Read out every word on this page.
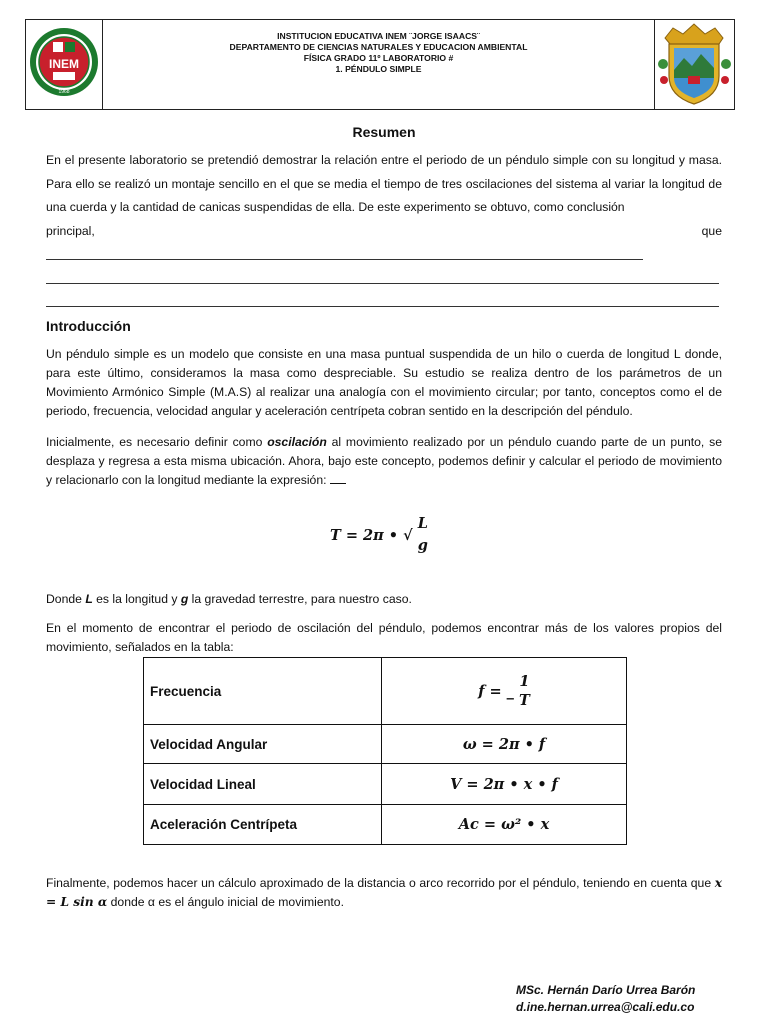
INEM
1968
INSTITUCION EDUCATIVA INEM ¨JORGE ISAACS¨
DEPARTAMENTO DE CIENCIAS NATURALES Y EDUCACION AMBIENTAL
FÍSICA GRADO 11º LABORATORIO #
1. PÉNDULO SIMPLE
Resumen
En el presente laboratorio se pretendió demostrar la relación entre el periodo de un péndulo simple con su longitud y masa. Para ello se realizó un montaje sencillo en el que se media el tiempo de tres oscilaciones del sistema al variar la longitud de una cuerda y la cantidad de canicas suspendidas de ella. De este experimento se obtuvo, como conclusión
principal,	que
Introducción
Un péndulo simple es un modelo que consiste en una masa puntual suspendida de un hilo o cuerda de longitud L donde, para este último, consideramos la masa como despreciable. Su estudio se realiza dentro de los parámetros de un Movimiento Armónico Simple (M.A.S) al realizar una analogía con el movimiento circular; por tanto, conceptos como el de periodo, frecuencia, velocidad angular y aceleración centrípeta cobran sentido en la descripción del péndulo.
Inicialmente, es necesario definir como oscilación al movimiento realizado por un péndulo cuando parte de un punto, se desplaza y regresa a esta misma ubicación. Ahora, bajo este concepto, podemos definir y calcular el periodo de movimiento y relacionarlo con la longitud mediante la expresión:
T = 2π • √
L
g
Donde L es la longitud y g la gravedad terrestre, para nuestro caso.
En el momento de encontrar el periodo de oscilación del péndulo, podemos encontrar más de los valores propios del movimiento, señalados en la tabla:
Frecuencia	f = _
1
T

Velocidad Angular	ω = 2π • f
Velocidad Lineal	V = 2π • x • f
Aceleración Centrípeta	Ac = ω² • x
Finalmente, podemos hacer un cálculo aproximado de la distancia o arco recorrido por el péndulo, teniendo en cuenta que x = L sin α donde α es el ángulo inicial de movimiento.
MSc. Hernán Darío Urrea Barón
d.ine.hernan.urrea@cali.edu.co
